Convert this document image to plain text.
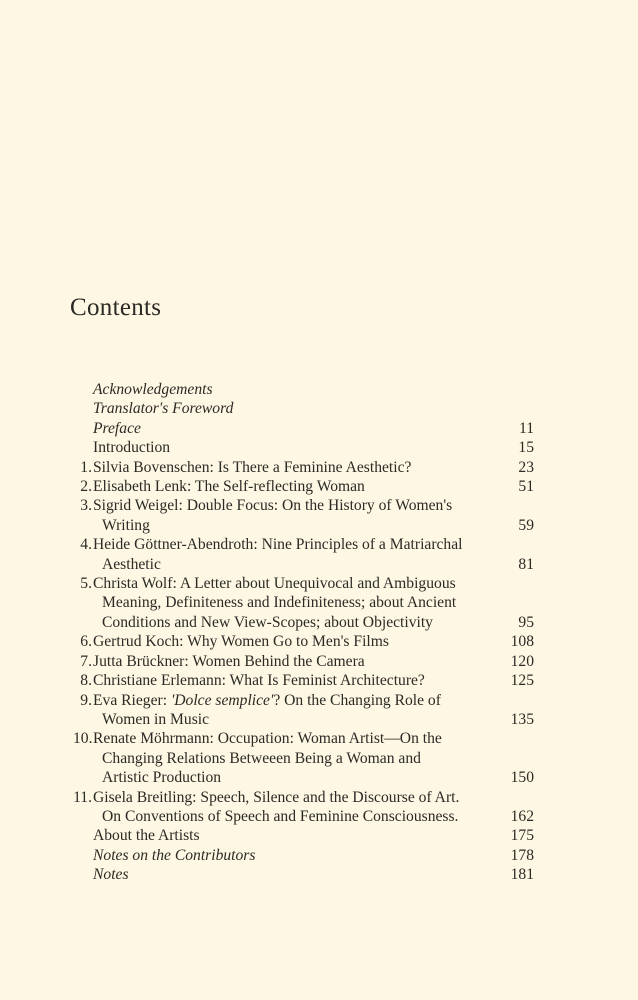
Contents
Acknowledgements
Translator's Foreword
Preface	11
Introduction	15
1.Silvia Bovenschen: Is There a Feminine Aesthetic?	23
2.Elisabeth Lenk: The Self-reflecting Woman	51
3.Sigrid Weigel: Double Focus: On the History of Women's
Writing	59
4.Heide Göttner-Abendroth: Nine Principles of a Matriarchal
Aesthetic	81
5.Christa Wolf: A Letter about Unequivocal and Ambiguous
Meaning, Definiteness and Indefiniteness; about Ancient
Conditions and New View-Scopes; about Objectivity	95
6.Gertrud Koch: Why Women Go to Men's Films	108
7.Jutta Brückner: Women Behind the Camera	120
8.Christiane Erlemann: What Is Feminist Architecture?	125
9.Eva Rieger: 'Dolce semplice'? On the Changing Role of
Women in Music	135
10.Renate Möhrmann: Occupation: Woman Artist—On the
Changing Relations Betweeen Being a Woman and
Artistic Production	150
11.Gisela Breitling: Speech, Silence and the Discourse of Art.
On Conventions of Speech and Feminine Consciousness.	162
About the Artists	175
Notes on the Contributors	178
Notes	181
